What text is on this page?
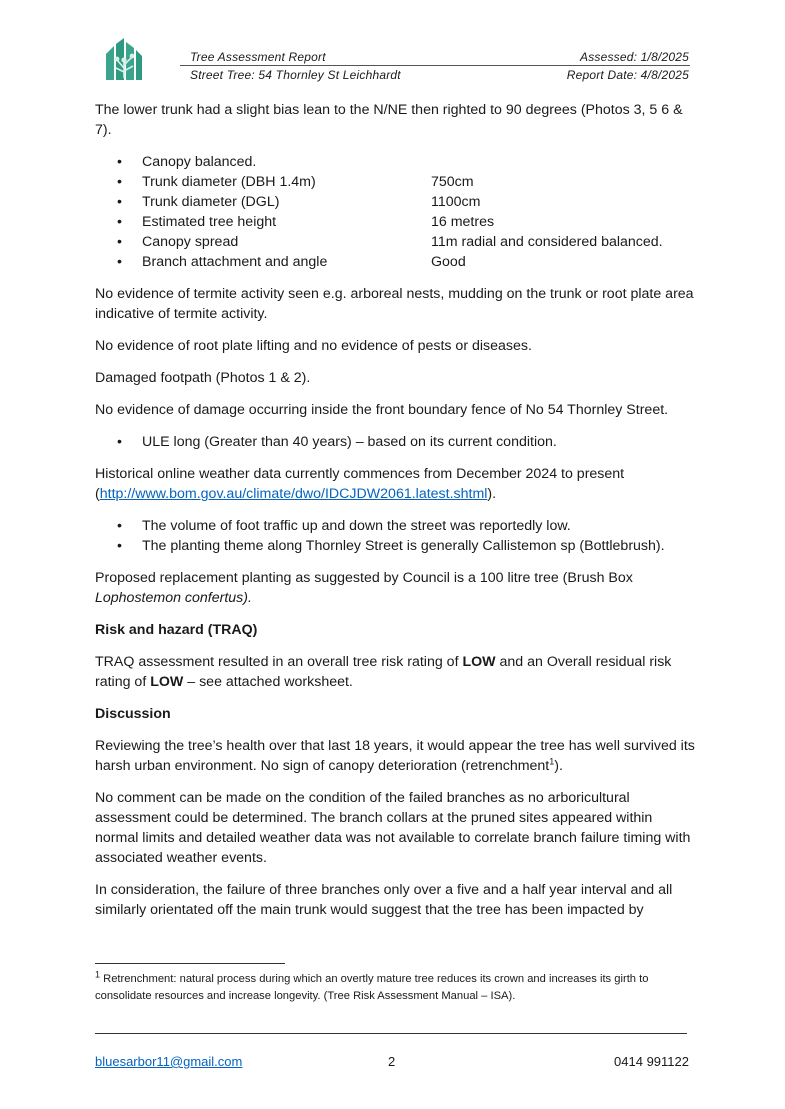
Tree Assessment Report
Street Tree: 54 Thornley St Leichhardt
Assessed: 1/8/2025
Report Date: 4/8/2025

The lower trunk had a slight bias lean to the N/NE then righted to 90 degrees (Photos 3, 5 6 & 7).

• Canopy balanced.
• Trunk diameter (DBH 1.4m)	750cm
• Trunk diameter (DGL)	1100cm
• Estimated tree height	16 metres
• Canopy spread	11m radial and considered balanced.
• Branch attachment and angle	Good

No evidence of termite activity seen e.g. arboreal nests, mudding on the trunk or root plate area indicative of termite activity.

No evidence of root plate lifting and no evidence of pests or diseases.

Damaged footpath (Photos 1 & 2).

No evidence of damage occurring inside the front boundary fence of No 54 Thornley Street.

• ULE long (Greater than 40 years) – based on its current condition.

Historical online weather data currently commences from December 2024 to present (http://www.bom.gov.au/climate/dwo/IDCJDW2061.latest.shtml).

• The volume of foot traffic up and down the street was reportedly low.
• The planting theme along Thornley Street is generally Callistemon sp (Bottlebrush).

Proposed replacement planting as suggested by Council is a 100 litre tree (Brush Box Lophostemon confertus).

Risk and hazard (TRAQ)

TRAQ assessment resulted in an overall tree risk rating of LOW and an Overall residual risk rating of LOW – see attached worksheet.

Discussion

Reviewing the tree’s health over that last 18 years, it would appear the tree has well survived its harsh urban environment. No sign of canopy deterioration (retrenchment$^1$).

No comment can be made on the condition of the failed branches as no arboricultural assessment could be determined. The branch collars at the pruned sites appeared within normal limits and detailed weather data was not available to correlate branch failure timing with associated weather events.

In consideration, the failure of three branches only over a five and a half year interval and all similarly orientated off the main trunk would suggest that the tree has been impacted by

$^1$ Retrenchment: natural process during which an overtly mature tree reduces its crown and increases its girth to consolidate resources and increase longevity. (Tree Risk Assessment Manual – ISA).
bluesarbor11@gmail.com	2	0414 991122
